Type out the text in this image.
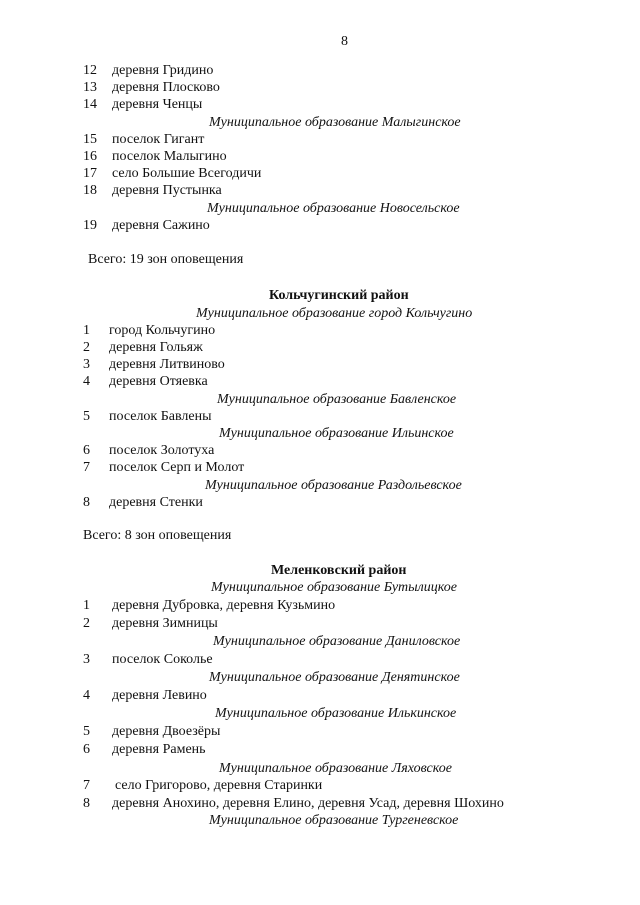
8
12 деревня Гридино
13 деревня Плосково
14 деревня Ченцы
Муниципальное образование Малыгинское
15 поселок Гигант
16 поселок Малыгино
17 село Большие Всегодичи
18 деревня Пустынка
Муниципальное образование Новосельское
19 деревня Сажино
Всего: 19 зон оповещения
Кольчугинский район
Муниципальное образование город Кольчугино
1	город Кольчугино
2	деревня Гольяж
3	деревня Литвиново
4	деревня Отяевка
Муниципальное образование Бавленское
5	поселок Бавлены
Муниципальное образование Ильинское
6	поселок Золотуха
7	поселок Серп и Молот
Муниципальное образование Раздольевское
8	деревня Стенки
Всего: 8 зон оповещения
Меленковский район
Муниципальное образование Бутылицкое
1	деревня Дубровка, деревня Кузьмино
2	деревня Зимницы
Муниципальное образование Даниловское
3	поселок Соколье
Муниципальное образование Денятинское
4	деревня Левино
Муниципальное образование Илькинское
5	деревня Двоезёры
6	деревня Рамень
Муниципальное образование Ляховское
7	село Григорово, деревня Старинки
8	деревня Анохино, деревня Елино, деревня Усад, деревня Шохино
Муниципальное образование Тургеневское
